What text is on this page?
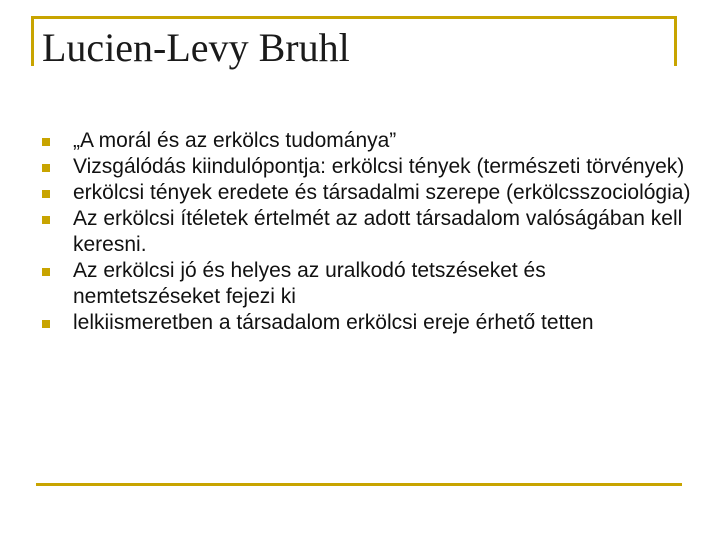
Lucien-Levy Bruhl
„A morál és az erkölcs tudománya”
Vizsgálódás kiindulópontja: erkölcsi tények (természeti törvények)
erkölcsi tények eredete és társadalmi szerepe (erkölcsszociológia)
Az erkölcsi ítéletek értelmét az adott társadalom valóságában kell keresni.
Az erkölcsi jó és helyes az uralkodó tetszéseket és nemtetszéseket fejezi ki
lelkiismeretben a társadalom erkölcsi ereje érhető tetten
